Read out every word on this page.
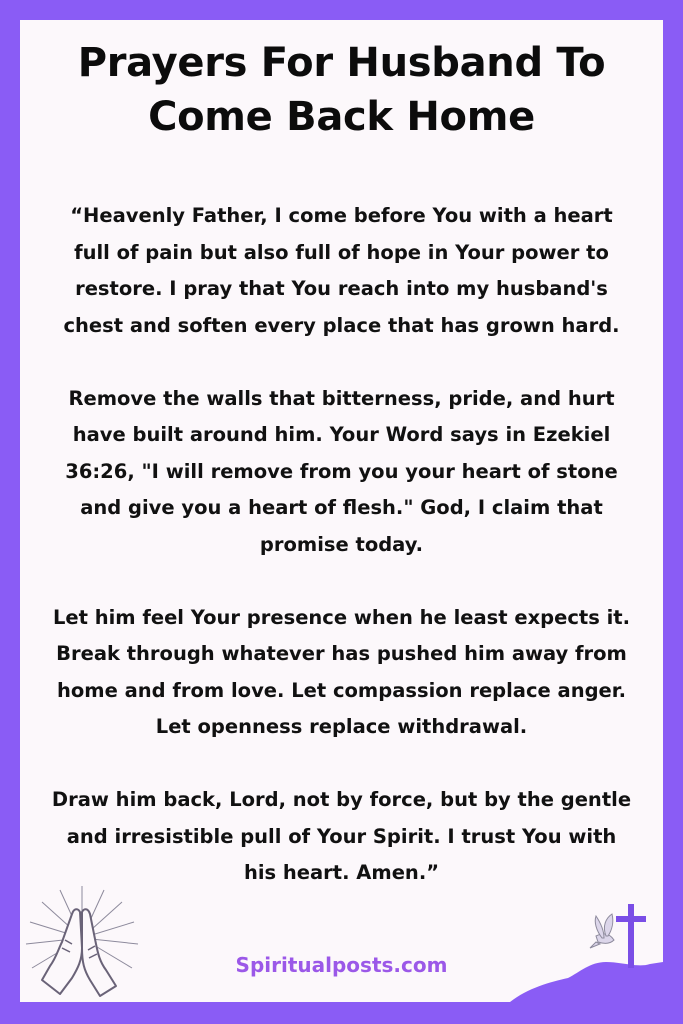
Prayers For Husband To
Come Back Home

“Heavenly Father, I come before You with a heart full of pain but also full of hope in Your power to restore. I pray that You reach into my husband's chest and soften every place that has grown hard.

Remove the walls that bitterness, pride, and hurt have built around him. Your Word says in Ezekiel 36:26, "I will remove from you your heart of stone and give you a heart of flesh." God, I claim that promise today.

Let him feel Your presence when he least expects it. Break through whatever has pushed him away from home and from love. Let compassion replace anger. Let openness replace withdrawal.

Draw him back, Lord, not by force, but by the gentle and irresistible pull of Your Spirit. I trust You with his heart. Amen.”

Spiritualposts.com
